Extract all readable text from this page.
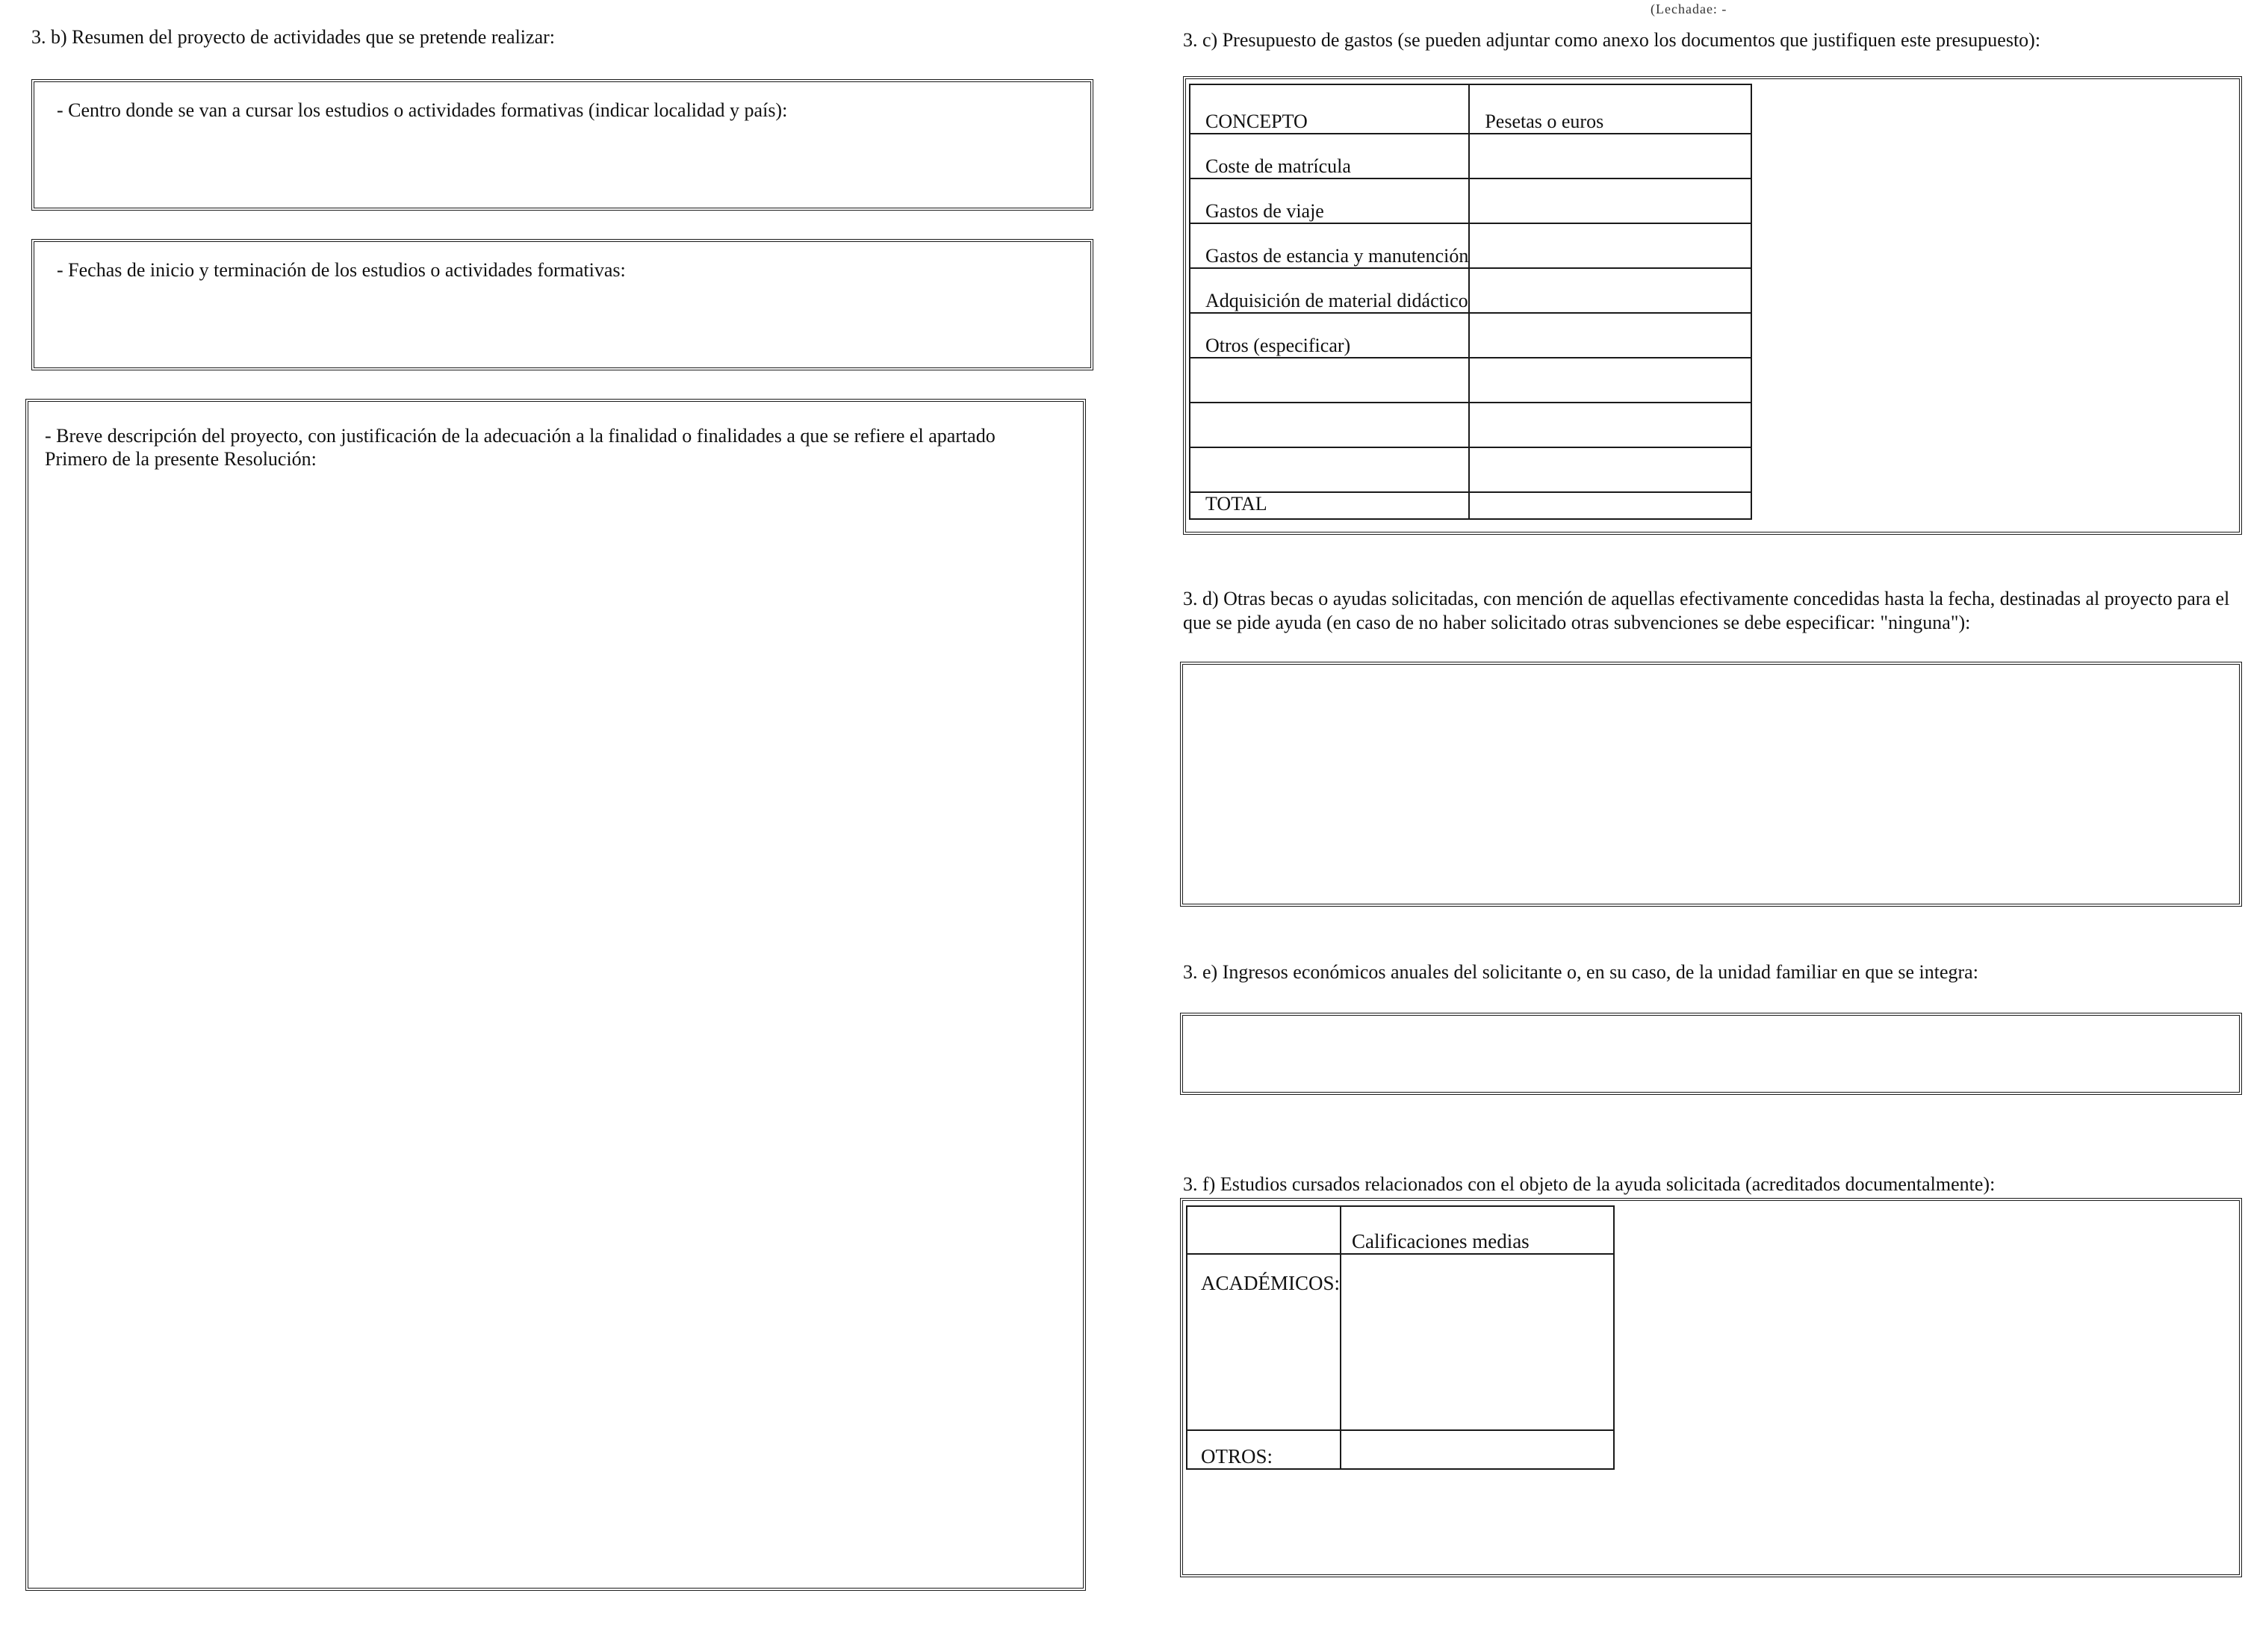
(Lechadae: -
3. b) Resumen del proyecto de actividades que se pretende realizar:
- Centro donde se van a cursar los estudios o actividades formativas (indicar localidad y país):
- Fechas de inicio y terminación de los estudios o actividades formativas:
- Breve descripción del proyecto, con justificación de la adecuación a la finalidad o finalidades a que se refiere el apartado Primero de la presente Resolución:
3. c) Presupuesto de gastos (se pueden adjuntar como anexo los documentos que justifiquen este presupuesto):
CONCEPTO	Pesetas o euros
Coste de matrícula	
Gastos de viaje	
Gastos de estancia y manutención	
Adquisición de material didáctico	
Otros (especificar)	

TOTAL	
3. d) Otras becas o ayudas solicitadas, con mención de aquellas efectivamente concedidas hasta la fecha, destinadas al proyecto para el que se pide ayuda (en caso de no haber solicitado otras subvenciones se debe especificar: "ninguna"):
3. e) Ingresos económicos anuales del solicitante o, en su caso, de la unidad familiar en que se integra:
3. f) Estudios cursados relacionados con el objeto de la ayuda solicitada (acreditados documentalmente):
	Calificaciones medias
ACADÉMICOS:	
OTROS:	
